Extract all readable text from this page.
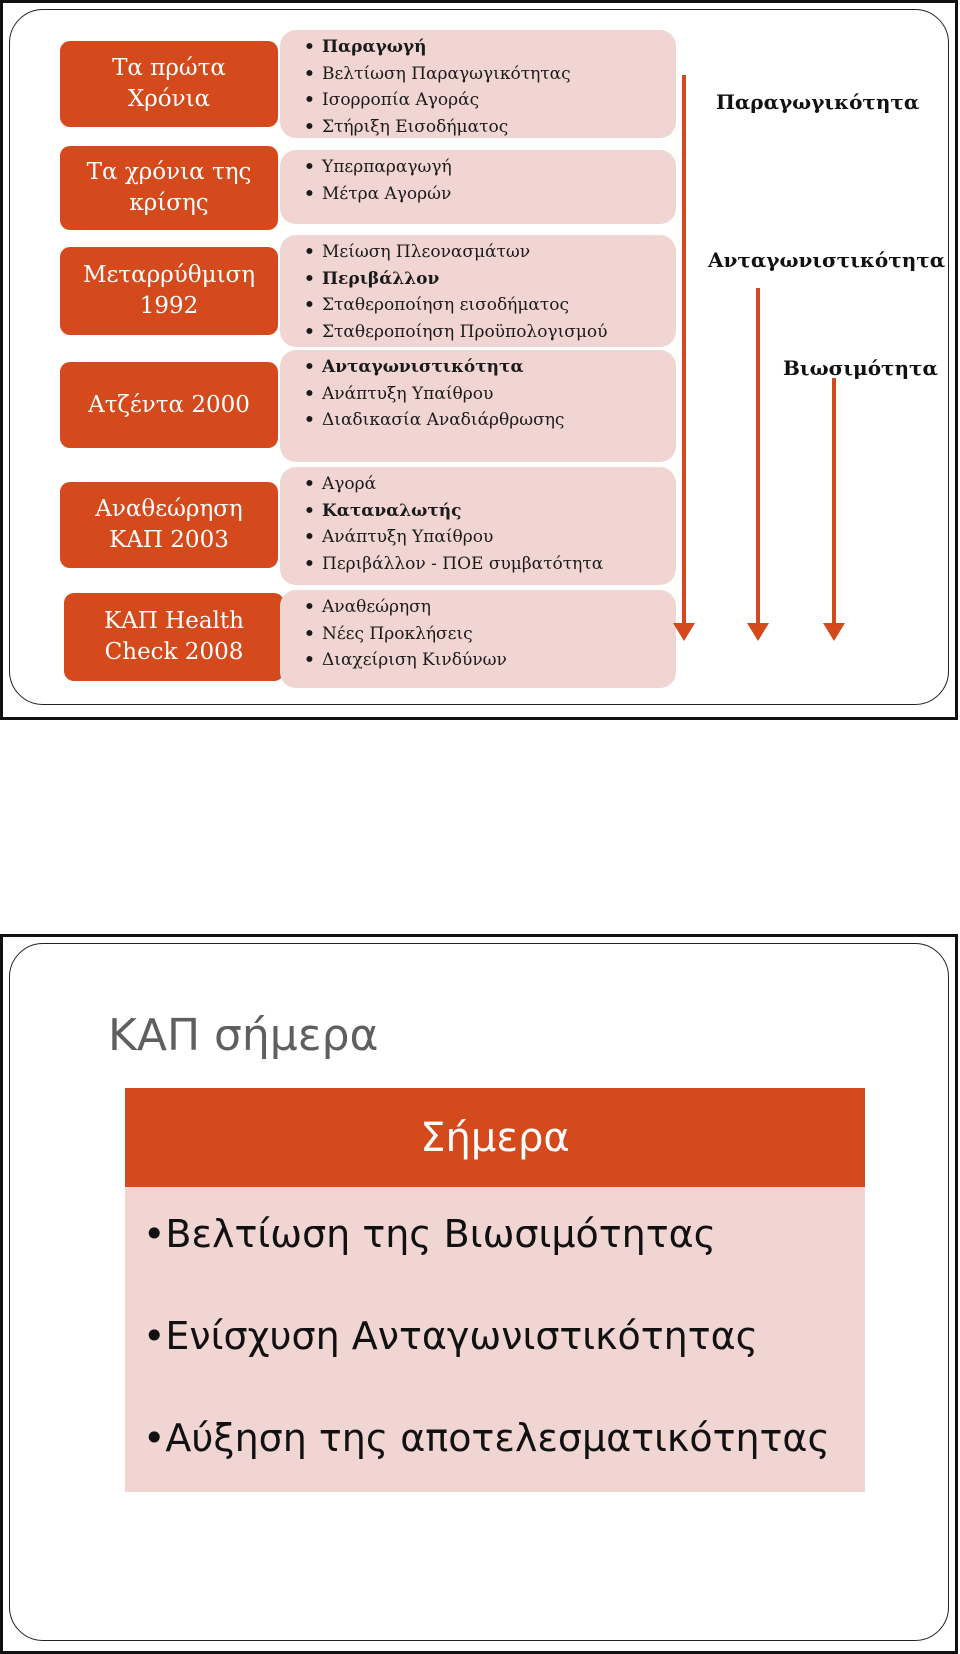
Τα πρώτα
Χρόνια
• Παραγωγή
• Βελτίωση Παραγωγικότητας
• Ισορροπία Αγοράς
• Στήριξη Εισοδήματος
Τα χρόνια της
κρίσης
• Υπερπαραγωγή
• Μέτρα Αγορών
Μεταρρύθμιση
1992
• Μείωση Πλεονασμάτων
• Περιβάλλον
• Σταθεροποίηση εισοδήματος
• Σταθεροποίηση Προϋπολογισμού
Ατζέντα 2000
• Ανταγωνιστικότητα
• Ανάπτυξη Υπαίθρου
• Διαδικασία Αναδιάρθρωσης
Αναθεώρηση
ΚΑΠ 2003
• Αγορά
• Καταναλωτής
• Ανάπτυξη Υπαίθρου
• Περιβάλλον - ΠΟΕ συμβατότητα
ΚΑΠ Health
Check 2008
• Αναθεώρηση
• Νέες Προκλήσεις
• Διαχείριση Κινδύνων
Παραγωγικότητα
Ανταγωνιστικότητα
Βιωσιμότητα
ΚΑΠ σήμερα
Σήμερα
•Βελτίωση της Βιωσιμότητας
•Ενίσχυση Ανταγωνιστικότητας
•Αύξηση της αποτελεσματικότητας
